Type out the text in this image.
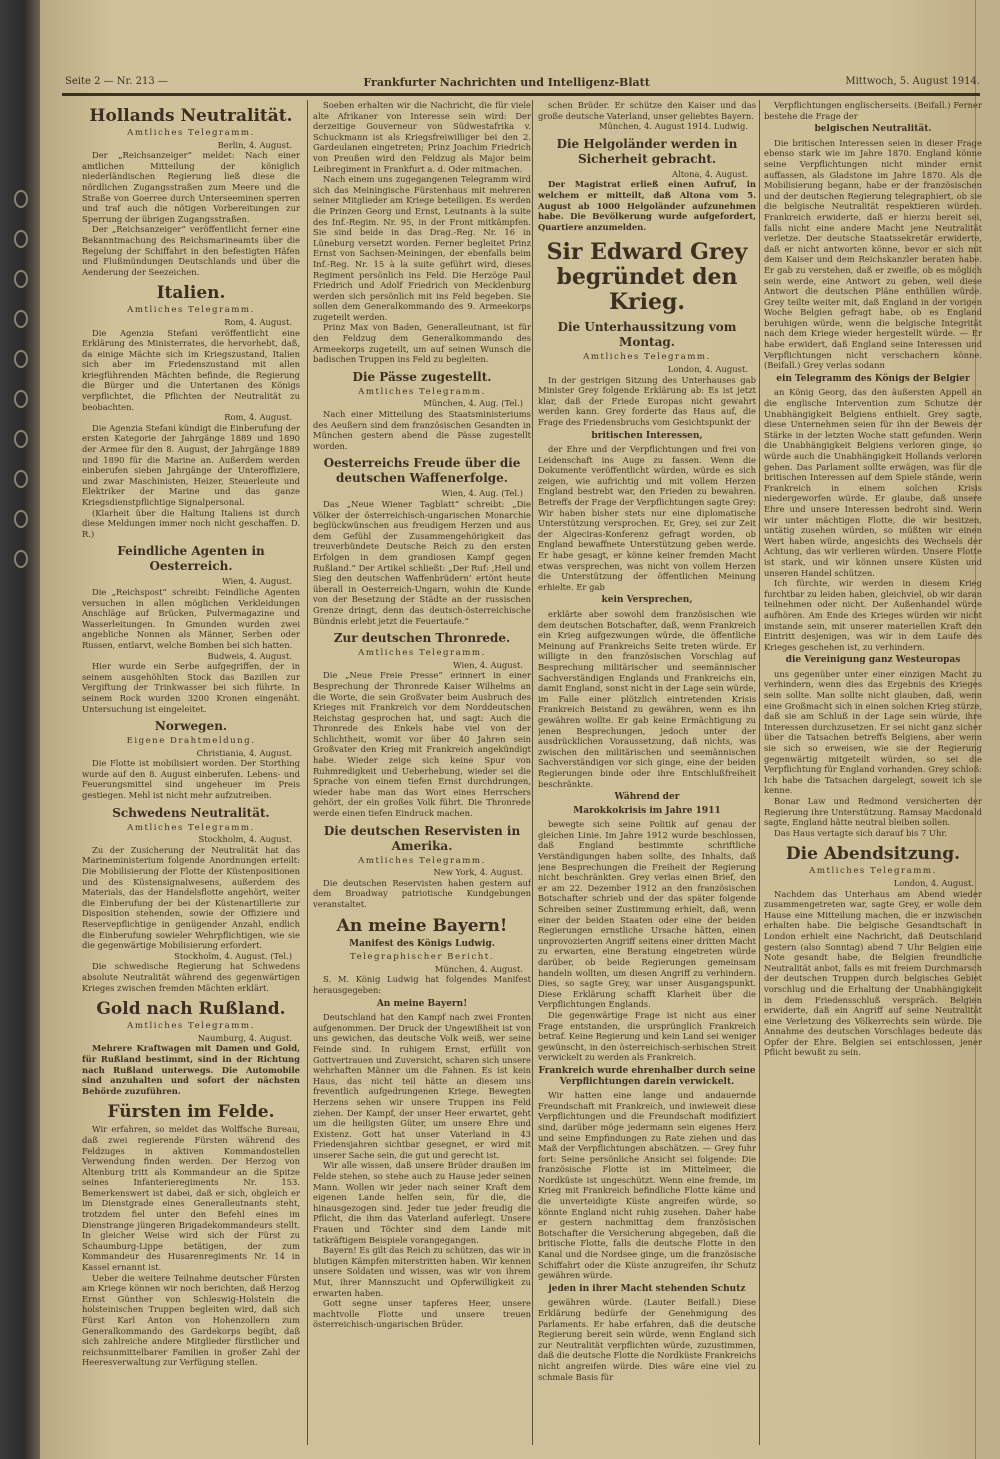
Seite 2 — Nr. 213 —	Frankfurter Nachrichten und Intelligenz-Blatt	Mittwoch, 5. August 1914.
Hollands Neutralität.
Amtliches Telegramm.
Berlin, 4. August.
Der „Reichsanzeiger“ meldet: Nach einer amtlichen Mitteilung der königlich niederländischen Regierung ließ diese die nördlichen Zugangsstraßen zum Meere und die Straße von Goerree durch Unterseeminen sperren und traf auch die nötigen Vorbereitungen zur Sperrung der übrigen Zugangsstraßen.
Der „Reichsanzeiger“ veröffentlicht ferner eine Bekanntmachung des Reichsmarineamts über die Regelung der Schiffahrt in den befestigten Häfen und Flußmündungen Deutschlands und über die Aenderung der Seezeichen.
Italien.
Amtliches Telegramm.
Rom, 4. August.
Die Agenzia Stefani veröffentlicht eine Erklärung des Ministerrates, die hervorhebt, daß, da einige Mächte sich im Kriegszustand, Italien sich aber im Friedenszustand mit allen kriegführenden Mächten befinde, die Regierung die Bürger und die Untertanen des Königs verpflichtet, die Pflichten der Neutralität zu beobachten.
Rom, 4. August.
Die Agenzia Stefani kündigt die Einberufung der ersten Kategorie der Jahrgänge 1889 und 1890 der Armee für den 8. August, der Jahrgänge 1889 und 1890 für die Marine an. Außerdem werden einberufen sieben Jahrgänge der Unteroffiziere, und zwar Maschinisten, Heizer, Steuerleute und Elektriker der Marine und das ganze Kriegsdienstpflichtige Signalpersonal.
(Klarheit über die Haltung Italiens ist durch diese Meldungen immer noch nicht geschaffen. D. R.)
Feindliche Agenten in Oesterreich.
Wien, 4. August.
Die „Reichspost“ schreibt: Feindliche Agenten versuchen in allen möglichen Verkleidungen Anschläge auf Brücken, Pulvermagazine und Wasserleitungen. In Gmunden wurden zwei angebliche Nonnen als Männer, Serben oder Russen, entlarvt, welche Bomben bei sich hatten.
Budweis, 4. August.
Hier wurde ein Serbe aufgegriffen, der in seinem ausgehöhlten Stock das Bazillen zur Vergiftung der Trinkwasser bei sich führte. In seinem Rock wurden 3200 Kronen eingenäht. Untersuchung ist eingeleitet.
Norwegen.
Eigene Drahtmeldung.
Christiania, 4. August.
Die Flotte ist mobilisiert worden. Der Storthing wurde auf den 8. August einberufen. Lebens- und Feuerungsmittel sind ungeheuer im Preis gestiegen. Mehl ist nicht mehr aufzutreiben.
Schwedens Neutralität.
Amtliches Telegramm.
Stockholm, 4. August.
Zu der Zusicherung der Neutralität hat das Marineministerium folgende Anordnungen erteilt: Die Mobilisierung der Flotte der Küstenpositionen und des Küstensignalwesens, außerdem des Materials, das der Handelsflotte angehört, weiter die Einberufung der bei der Küstenartillerie zur Disposition stehenden, sowie der Offiziere und Reservepflichtige in genügender Anzahl, endlich die Einberufung sowieler Wehrpflichtigen, wie sie die gegenwärtige Mobilisierung erfordert.
Stockholm, 4. August. (Tel.)
Die schwedische Regierung hat Schwedens absolute Neutralität während des gegenwärtigen Krieges zwischen fremden Mächten erklärt.
Gold nach Rußland.
Amtliches Telegramm.
Naumburg, 4. August.
Mehrere Kraftwagen mit Damen und Gold, für Rußland bestimmt, sind in der Richtung nach Rußland unterwegs. Die Automobile sind anzuhalten und sofort der nächsten Behörde zuzuführen.
Fürsten im Felde.
Wir erfahren, so meldet das Wolffsche Bureau, daß zwei regierende Fürsten während des Feldzuges in aktiven Kommandostellen Verwendung finden werden. Der Herzog von Altenburg tritt als Kommandeur an die Spitze seines Infanterieregiments Nr. 153. Bemerkenswert ist dabei, daß er sich, obgleich er im Dienstgrade eines Generalleutnants steht, trotzdem fiel unter den Befehl eines im Dienstrange jüngeren Brigadekommandeurs stellt. In gleicher Weise wird sich der Fürst zu Schaumburg-Lippe betätigen, der zum Kommandeur des Husarenregiments Nr. 14 in Kassel ernannt ist.
Ueber die weitere Teilnahme deutscher Fürsten am Kriege können wir noch berichten, daß Herzog Ernst Günther von Schleswig-Holstein die holsteinischen Truppen begleiten wird, daß sich Fürst Karl Anton von Hohenzollern zum Generalkommando des Gardekorps begibt, daß sich zahlreiche andere Mitglieder fürstlicher und reichsunmittelbarer Familien in großer Zahl der Heeresverwaltung zur Verfügung stellen.
Soeben erhalten wir die Nachricht, die für viele alte Afrikaner von Interesse sein wird: Der derzeitige Gouverneur von Südwestafrika v. Schuckmann ist als Kriegsfreiwilliger bei den 2. Gardeulanen eingetreten; Prinz Joachim Friedrich von Preußen wird den Feldzug als Major beim Leibregiment in Frankfurt a. d. Oder mitmachen.
Nach einem uns zugegangenen Telegramm wird sich das Meiningische Fürstenhaus mit mehreren seiner Mitglieder am Kriege beteiligen. Es werden die Prinzen Georg und Ernst, Leutnants à la suite des Inf.-Regim. Nr. 95, in der Front mitkämpfen. Sie sind beide in das Drag.-Reg. Nr. 16 in Lüneburg versetzt worden. Ferner begleitet Prinz Ernst von Sachsen-Meiningen, der ebenfalls beim Inf.-Reg. Nr. 15 à la suite geführt wird, dieses Regiment persönlich ins Feld. Die Herzöge Paul Friedrich und Adolf Friedrich von Mecklenburg werden sich persönlich mit ins Feld begeben. Sie sollen dem Generalkommando des 9. Armeekorps zugeteilt werden.
Prinz Max von Baden, Generalleutnant, ist für den Feldzug dem Generalkommando des Armeekorps zugeteilt, um auf seinen Wunsch die badischen Truppen ins Feld zu begleiten.
Die Pässe zugestellt.
Amtliches Telegramm.
München, 4. Aug. (Tel.)
Nach einer Mitteilung des Staatsministeriums des Aeußern sind dem französischen Gesandten in München gestern abend die Pässe zugestellt worden.
Oesterreichs Freude über die deutschen Waffenerfolge.
Wien, 4. Aug. (Tel.)
Das „Neue Wiener Tagblatt“ schreibt: „Die Völker der österreichisch-ungarischen Monarchie beglückwünschen aus freudigem Herzen und aus dem Gefühl der Zusammengehörigkeit das treuverbündete Deutsche Reich zu den ersten Erfolgen in dem grandiosen Kampf gegen Rußland.“ Der Artikel schließt: „Der Ruf: ‚Heil und Sieg den deutschen Waffenbrüdern‘ ertönt heute überall in Oesterreich-Ungarn, wohin die Kunde von der Besetzung der Städte an der russischen Grenze dringt, denn das deutsch-österreichische Bündnis erlebt jetzt die Feuertaufe.“
Zur deutschen Thronrede.
Amtliches Telegramm.
Wien, 4. August.
Die „Neue Freie Presse“ erinnert in einer Besprechung der Thronrede Kaiser Wilhelms an die Worte, die sein Großvater beim Ausbruch des Krieges mit Frankreich vor dem Norddeutschen Reichstag gesprochen hat, und sagt: Auch die Thronrede des Enkels habe viel von der Schlichtheit, womit vor über 40 Jahren sein Großvater den Krieg mit Frankreich angekündigt habe. Wieder zeige sich keine Spur von Ruhmredigkeit und Ueberhebung, wieder sei die Sprache von einem tiefen Ernst durchdrungen, wieder habe man das Wort eines Herrschers gehört, der ein großes Volk führt. Die Thronrede werde einen tiefen Eindruck machen.
Die deutschen Reservisten in Amerika.
Amtliches Telegramm.
New York, 4. August.
Die deutschen Reservisten haben gestern auf dem Broadway patriotische Kundgebungen veranstaltet.
An meine Bayern!
Manifest des Königs Ludwig.
Telegraphischer Bericht.
München, 4. August.
S. M. König Ludwig hat folgendes Manifest herausgegeben:
An meine Bayern!
Deutschland hat den Kampf nach zwei Fronten aufgenommen. Der Druck der Ungewißheit ist von uns gewichen, das deutsche Volk weiß, wer seine Feinde sind. In ruhigem Ernst, erfüllt von Gottvertrauen und Zuversicht, scharen sich unsere wehrhaften Männer um die Fahnen. Es ist kein Haus, das nicht teil hätte an diesem uns freventlich aufgedrungenen Kriege. Bewegten Herzens sehen wir unsere Truppen ins Feld ziehen. Der Kampf, der unser Heer erwartet, geht um die heiligsten Güter, um unsere Ehre und Existenz. Gott hat unser Vaterland in 43 Friedensjahren sichtbar gesegnet, er wird mit unserer Sache sein, die gut und gerecht ist.
Wir alle wissen, daß unsere Brüder draußen im Felde stehen, so stehe auch zu Hause jeder seinen Mann. Wollen wir jeder nach seiner Kraft dem eigenen Lande helfen sein, für die, die hinausgezogen sind. Jeder tue jeder freudig die Pflicht, die ihm das Vaterland auferlegt. Unsere Frauen und Töchter sind dem Lande mit tatkräftigem Beispiele vorangegangen.
Bayern! Es gilt das Reich zu schützen, das wir in blutigen Kämpfen miterstritten haben. Wir kennen unsere Soldaten und wissen, was wir von ihrem Mut, ihrer Mannszucht und Opferwilligkeit zu erwarten haben.
Gott segne unser tapferes Heer, unsere machtvolle Flotte und unsere treuen österreichisch-ungarischen Brüder.
schen Brüder. Er schütze den Kaiser und das große deutsche Vaterland, unser geliebtes Bayern.
München, 4. August 1914. Ludwig.
Die Helgoländer werden in Sicherheit gebracht.
Altona, 4. August.
Der Magistrat erließ einen Aufruf, in welchem er mitteilt, daß Altona vom 5. August ab 1000 Helgoländer aufzunehmen habe. Die Bevölkerung wurde aufgefordert, Quartiere anzumelden.
Sir Edward Grey begründet den Krieg.
Die Unterhaussitzung vom Montag.
Amtliches Telegramm.
London, 4. August.
In der gestrigen Sitzung des Unterhauses gab Minister Grey folgende Erklärung ab: Es ist jetzt klar, daß der Friede Europas nicht gewahrt werden kann. Grey forderte das Haus auf, die Frage des Friedensbruchs vom Gesichtspunkt der
britischen Interessen,
der Ehre und der Verpflichtungen und frei von Leidenschaft ins Auge zu fassen. Wenn die Dokumente veröffentlicht würden, würde es sich zeigen, wie aufrichtig und mit vollem Herzen England bestrebt war, den Frieden zu bewahren. Betreffs der Frage der Verpflichtungen sagte Grey: Wir haben bisher stets nur eine diplomatische Unterstützung versprochen. Er, Grey, sei zur Zeit der Algeciras-Konferenz gefragt worden, ob England bewaffnete Unterstützung geben werde. Er habe gesagt, er könne keiner fremden Macht etwas versprechen, was nicht von vollem Herzen die Unterstützung der öffentlichen Meinung erhielte. Er gab
kein Versprechen,
erklärte aber sowohl dem französischen wie dem deutschen Botschafter, daß, wenn Frankreich ein Krieg aufgezwungen würde, die öffentliche Meinung auf Frankreichs Seite treten würde. Er willigte in den französischen Vorschlag auf Besprechung militärischer und seemännischer Sachverständigen Englands und Frankreichs ein, damit England, sonst nicht in der Lage sein würde, im Falle einer plötzlich eintretenden Krisis Frankreich Beistand zu gewähren, wenn es ihn gewähren wollte. Er gab keine Ermächtigung zu jenen Besprechungen, jedoch unter der ausdrücklichen Voraussetzung, daß nichts, was zwischen den militärischen und seemännischen Sachverständigen vor sich ginge, eine der beiden Regierungen binde oder ihre Entschlußfreiheit beschränkte.
Während der
Marokkokrisis im Jahre 1911
bewegte sich seine Politik auf genau der gleichen Linie. Im Jahre 1912 wurde beschlossen, daß England bestimmte schriftliche Verständigungen haben sollte, des Inhalts, daß jene Besprechungen die Freiheit der Regierung nicht beschränkten. Grey verlas einen Brief, den er am 22. Dezember 1912 an den französischen Botschafter schrieb und der das später folgende Schreiben seiner Zustimmung erhielt, daß, wenn einer der beiden Staaten oder eine der beiden Regierungen ernstliche Ursache hätten, einen unprovozierten Angriff seitens einer dritten Macht zu erwarten, eine Beratung eingetreten würde darüber, ob beide Regierungen gemeinsam handeln wollten, um diesen Angriff zu verhindern. Dies, so sagte Grey, war unser Ausgangspunkt. Diese Erklärung schafft Klarheit über die Verpflichtungen Englands.
Die gegenwärtige Frage ist nicht aus einer Frage entstanden, die ursprünglich Frankreich betraf. Keine Regierung und kein Land sei weniger gewünscht, in den österreichisch-serbischen Streit verwickelt zu werden als Frankreich.
Frankreich wurde ehrenhalber durch seine Verpflichtungen darein verwickelt.
Wir hatten eine lange und andauernde Freundschaft mit Frankreich, und inwieweit diese Verpflichtungen und die Freundschaft modifiziert sind, darüber möge jedermann sein eigenes Herz und seine Empfindungen zu Rate ziehen und das Maß der Verpflichtungen abschätzen. — Grey fuhr fort: Seine persönliche Ansicht sei folgende: Die französische Flotte ist im Mittelmeer, die Nordküste ist ungeschützt. Wenn eine fremde, im Krieg mit Frankreich befindliche Flotte käme und die unverteidigte Küste angreifen würde, so könnte England nicht ruhig zusehen. Daher habe er gestern nachmittag dem französischen Botschafter die Versicherung abgegeben, daß die britische Flotte, falls die deutsche Flotte in den Kanal und die Nordsee ginge, um die französische Schiffahrt oder die Küste anzugreifen, ihr Schutz gewähren würde.
jeden in ihrer Macht stehenden Schutz
gewähren würde. (Lauter Beifall.) Diese Erklärung bedürfe der Genehmigung des Parlaments. Er habe erfahren, daß die deutsche Regierung bereit sein würde, wenn England sich zur Neutralität verpflichten würde, zuzustimmen, daß die deutsche Flotte die Nordküste Frankreichs nicht angreifen würde. Dies wäre eine viel zu schmale Basis für
Verpflichtungen englischerseits. (Beifall.) Ferner bestehe die Frage der
belgischen Neutralität.
Die britischen Interessen seien in dieser Frage ebenso stark wie im Jahre 1870. England könne seine Verpflichtungen nicht minder ernst auffassen, als Gladstone im Jahre 1870. Als die Mobilisierung begann, habe er der französischen und der deutschen Regierung telegraphiert, ob sie die belgische Neutralität respektieren würden. Frankreich erwiderte, daß er hierzu bereit sei, falls nicht eine andere Macht jene Neutralität verletze. Der deutsche Staatssekretär erwiderte, daß er nicht antworten könne, bevor er sich mit dem Kaiser und dem Reichskanzler beraten habe. Er gab zu verstehen, daß er zweifle, ob es möglich sein werde, eine Antwort zu geben, weil diese Antwort die deutschen Pläne enthüllen würde. Grey teilte weiter mit, daß England in der vorigen Woche Belgien gefragt habe, ob es England beruhigen würde, wenn die belgische Integrität nach dem Kriege wieder hergestellt würde. — Er habe erwidert, daß England seine Interessen und Verpflichtungen nicht verschachern könne. (Beifall.) Grey verlas sodann
ein Telegramm des Königs der Belgier
an König Georg, das den äußersten Appell an die englische Intervention zum Schutze der Unabhängigkeit Belgiens enthielt. Grey sagte, diese Unternehmen seien für ihn der Beweis der Stärke in der letzten Woche statt gefunden. Wenn die Unabhängigkeit Belgiens verloren ginge, so würde auch die Unabhängigkeit Hollands verloren gehen. Das Parlament sollte erwägen, was für die britischen Interessen auf dem Spiele stände, wenn Frankreich in einem solchen Krisis niedergeworfen würde. Er glaube, daß unsere Ehre und unsere Interessen bedroht sind. Wenn wir unter mächtigen Flotte, die wir besitzen, untätig zusehen würden, so müßten wir einen Wert haben würde, angesichts des Wechsels der Achtung, das wir verlieren würden. Unsere Flotte ist stark, und wir können unsere Küsten und unseren Handel schützen.
Ich fürchte, wir werden in diesem Krieg furchtbar zu leiden haben, gleichviel, ob wir daran teilnehmen oder nicht. Der Außenhandel würde aufhören. Am Ende des Krieges würden wir nicht imstande sein, mit unserer materiellen Kraft den Eintritt desjenigen, was wir in dem Laufe des Krieges geschehen ist, zu verhindern.
die Vereinigung ganz Westeuropas
uns gegenüber unter einer einzigen Macht zu verhindern, wenn dies das Ergebnis des Krieges sein sollte. Man sollte nicht glauben, daß, wenn eine Großmacht sich in einen solchen Krieg stürze, daß sie am Schluß in der Lage sein würde, ihre Interessen durchzusetzen. Er sei nicht ganz sicher über die Tatsachen betreffs Belgiens, aber wenn sie sich so erweisen, wie sie der Regierung gegenwärtig mitgeteilt würden, so sei die Verpflichtung für England vorhanden. Grey schloß: Ich habe die Tatsachen dargelegt, soweit ich sie kenne.
Bonar Law und Redmond versicherten der Regierung ihre Unterstützung. Ramsay Macdonald sagte, England hätte neutral bleiben sollen.
Das Haus vertagte sich darauf bis 7 Uhr.
Die Abendsitzung.
Amtliches Telegramm.
London, 4. August.
Nachdem das Unterhaus am Abend wieder zusammengetreten war, sagte Grey, er wolle dem Hause eine Mitteilung machen, die er inzwischen erhalten habe. Die belgische Gesandtschaft in London erhielt eine Nachricht, daß Deutschland gestern (also Sonntag) abend 7 Uhr Belgien eine Note gesandt habe, die Belgien freundliche Neutralität anbot, falls es mit freiem Durchmarsch der deutschen Truppen durch belgisches Gebiet vorschlug und die Erhaltung der Unabhängigkeit in dem Friedensschluß verspräch. Belgien erwiderte, daß ein Angriff auf seine Neutralität eine Verletzung des Völkerrechts sein würde. Die Annahme des deutschen Vorschlages bedeute das Opfer der Ehre. Belgien sei entschlossen, jener Pflicht bewußt zu sein.
